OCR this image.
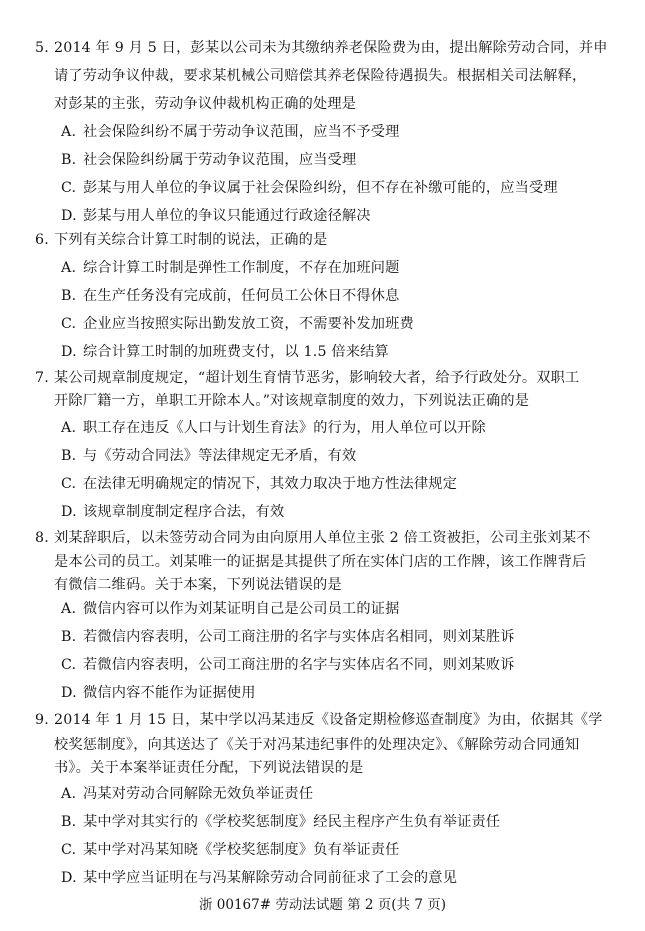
5. 2014 年 9 月 5 日，彭某以公司未为其缴纳养老保险费为由，提出解除劳动合同，并申
请了劳动争议仲裁，要求某机械公司赔偿其养老保险待遇损失。根据相关司法解释，
对彭某的主张，劳动争议仲裁机构正确的处理是
A. 社会保险纠纷不属于劳动争议范围，应当不予受理
B. 社会保险纠纷属于劳动争议范围，应当受理
C. 彭某与用人单位的争议属于社会保险纠纷，但不存在补缴可能的，应当受理
D. 彭某与用人单位的争议只能通过行政途径解决
6. 下列有关综合计算工时制的说法，正确的是
A. 综合计算工时制是弹性工作制度，不存在加班问题
B. 在生产任务没有完成前，任何员工公休日不得休息
C. 企业应当按照实际出勤发放工资，不需要补发加班费
D. 综合计算工时制的加班费支付，以 1.5 倍来结算
7. 某公司规章制度规定，“超计划生育情节恶劣，影响较大者，给予行政处分。双职工
开除厂籍一方，单职工开除本人。”对该规章制度的效力，下列说法正确的是
A. 职工存在违反《人口与计划生育法》的行为，用人单位可以开除
B. 与《劳动合同法》等法律规定无矛盾，有效
C. 在法律无明确规定的情况下，其效力取决于地方性法律规定
D. 该规章制度制定程序合法，有效
8. 刘某辞职后，以未签劳动合同为由向原用人单位主张 2 倍工资被拒，公司主张刘某不
是本公司的员工。刘某唯一的证据是其提供了所在实体门店的工作牌，该工作牌背后
有微信二维码。关于本案，下列说法错误的是
A. 微信内容可以作为刘某证明自己是公司员工的证据
B. 若微信内容表明，公司工商注册的名字与实体店名相同，则刘某胜诉
C. 若微信内容表明，公司工商注册的名字与实体店名不同，则刘某败诉
D. 微信内容不能作为证据使用
9. 2014 年 1 月 15 日，某中学以冯某违反《设备定期检修巡查制度》为由，依据其《学
校奖惩制度》，向其送达了《关于对冯某违纪事件的处理决定》、《解除劳动合同通知
书》。关于本案举证责任分配，下列说法错误的是
A. 冯某对劳动合同解除无效负举证责任
B. 某中学对其实行的《学校奖惩制度》经民主程序产生负有举证责任
C. 某中学对冯某知晓《学校奖惩制度》负有举证责任
D. 某中学应当证明在与冯某解除劳动合同前征求了工会的意见
浙 00167# 劳动法试题 第 2 页(共 7 页)
